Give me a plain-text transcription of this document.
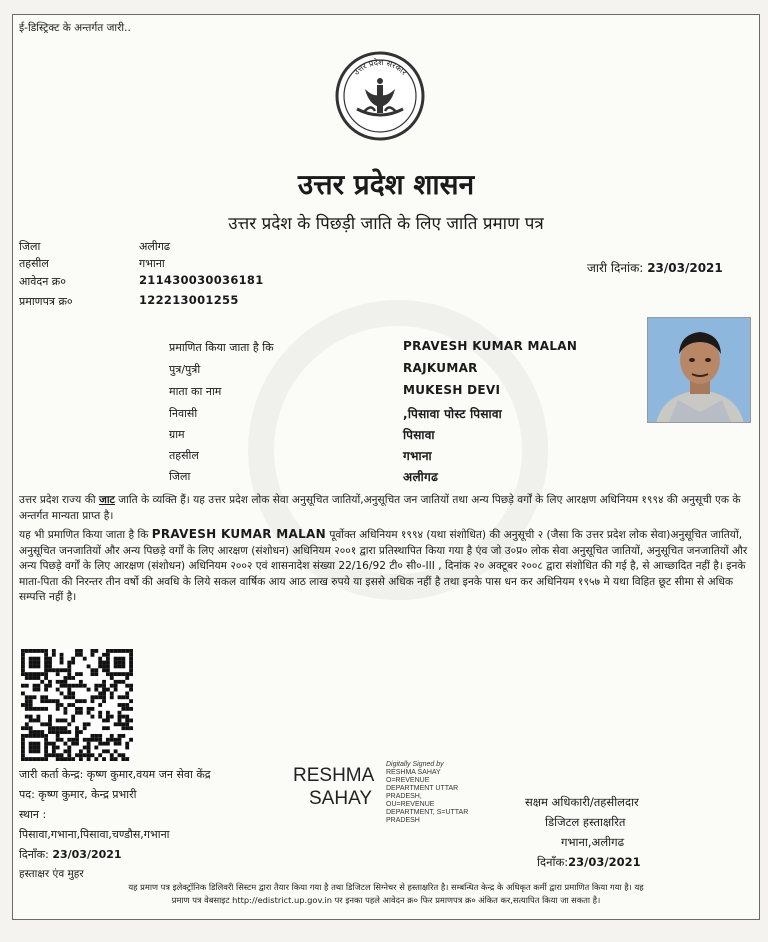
ई-डिस्ट्रिक्ट के अन्तर्गत जारी..
उत्तर प्रदेश सरकार
उत्तर प्रदेश शासन
उत्तर प्रदेश के पिछड़ी जाति के लिए जाति प्रमाण पत्र
जिला	अलीगढ
तहसील	गभाना
आवेदन क्र०	211430030036181
प्रमाणपत्र क्र०	122213001255
जारी दिनांक: 23/03/2021
प्रमाणित किया जाता है कि	PRAVESH KUMAR MALAN
पुत्र/पुत्री	RAJKUMAR
माता का नाम	MUKESH DEVI
निवासी	,पिसावा पोस्ट पिसावा
ग्राम	पिसावा
तहसील	गभाना
जिला	अलीगढ
उत्तर प्रदेश राज्य की जाट जाति के व्यक्ति हैं। यह उत्तर प्रदेश लोक सेवा अनुसूचित जातियों,अनुसूचित जन जातियों तथा अन्य पिछड़े वर्गों के लिए आरक्षण अधिनियम १९९४ की अनुसूची एक के अन्तर्गत मान्यता प्राप्त है।
यह भी प्रमाणित किया जाता है कि PRAVESH KUMAR MALAN पूर्वोक्त अधिनियम १९९४ (यथा संशोधित) की अनुसूची २ (जैसा कि उत्तर प्रदेश लोक सेवा)अनुसूचित जातियों, अनुसूचित जनजातियों और अन्य पिछड़े वर्गों के लिए आरक्षण (संशोधन) अधिनियम २००१ द्वारा प्रतिस्थापित किया गया है एंव जो उ०प्र० लोक सेवा अनुसूचित जातियों, अनुसूचित जनजातियों और अन्य पिछड़े वर्गों के लिए आरक्षण (संशोधन) अधिनियम २००२ एवं शासनादेश संख्या 22/16/92 टी० सी०-III , दिनांक २० अक्टूबर २००८ द्वारा संशोधित की गई है, से आच्छादित नहीं है। इनके माता-पिता की निरन्तर तीन वर्षो की अवधि के लिये सकल वार्षिक आय आठ लाख रुपये या इससे अधिक नहीं है तथा इनके पास धन कर अधिनियम १९५७ मे यथा विहित छूट सीमा से अधिक सम्पत्ति नहीं है।
जारी कर्ता केन्द्र: कृष्ण कुमार,वयम जन सेवा केंद्र
पद: कृष्ण कुमार, केन्द्र प्रभारी
स्थान :
पिसावा,गभाना,पिसावा,चण्डौस,गभाना
दिनाँक: 23/03/2021
हस्ताक्षर एंव मुहर
RESHMA
SAHAY
Digitally Signed by
RESHMA SAHAY
O=REVENUE
DEPARTMENT UTTAR
PRADESH,
OU=REVENUE
DEPARTMENT, S=UTTAR
PRADESH
सक्षम अधिकारी/तहसीलदार
डिजिटल हस्ताक्षरित
गभाना,अलीगढ
दिनाँक:23/03/2021
यह प्रमाण पत्र इलेक्ट्रॉनिक डिलिवरी सिस्टम द्वारा तैयार किया गया है तथा डिजिटल सिग्नेचर से हस्ताक्षरित है। सम्बन्धित केन्द्र के अधिकृत कर्मी द्वारा प्रमाणित किया गया है। यह
प्रमाण पत्र वेबसाइट http://edistrict.up.gov.in पर इनका पहले आवेदन क्र० फिर प्रमाणपत्र क्र० अंकित कर,सत्यापित किया जा सकता है।
